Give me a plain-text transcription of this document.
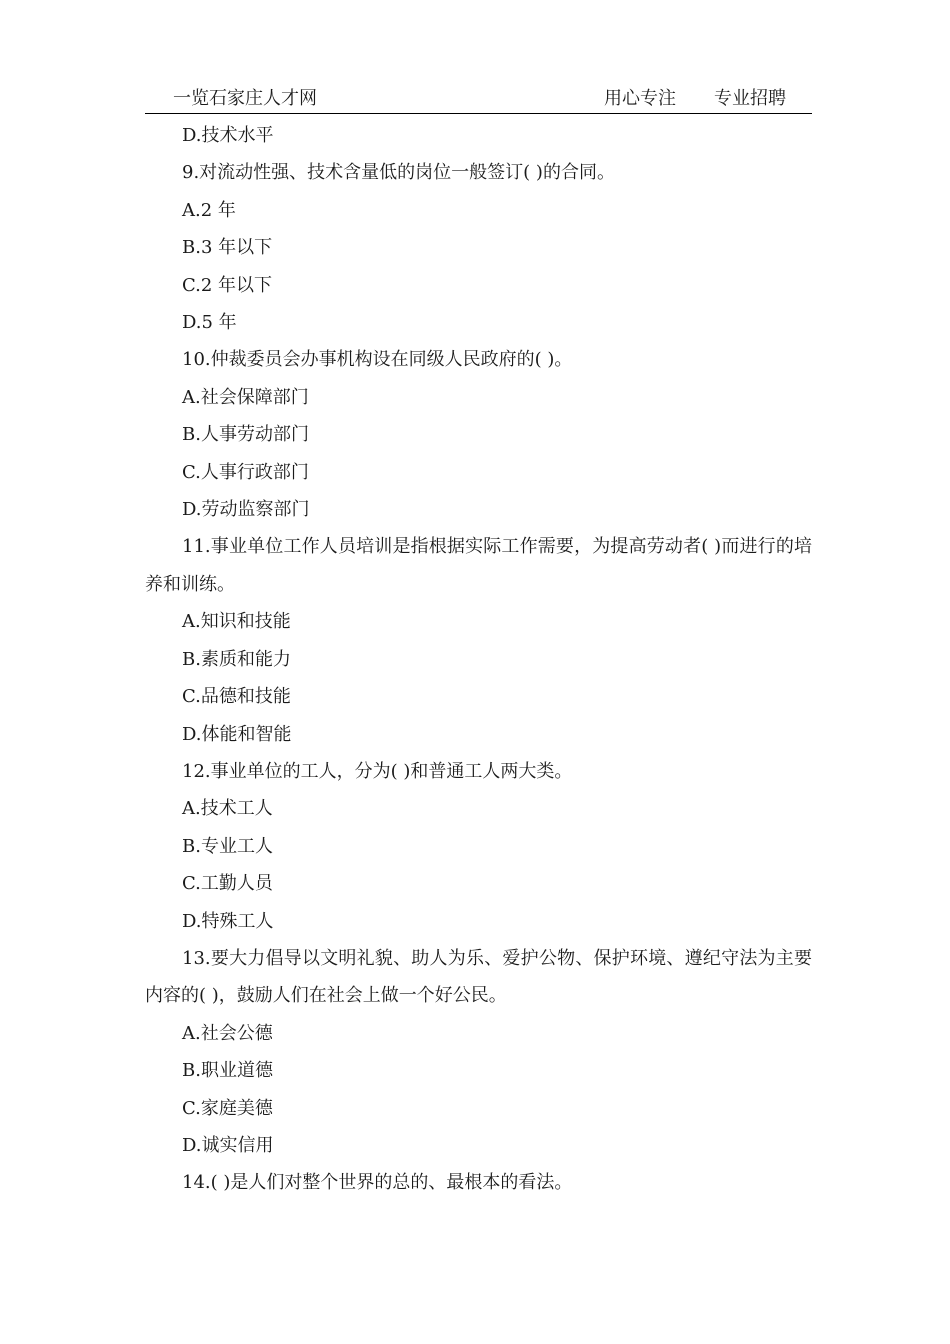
一览石家庄人才网	用心专注 专业招聘
D.技术水平
9.对流动性强、技术含量低的岗位一般签订( )的合同。
A.2 年
B.3 年以下
C.2 年以下
D.5 年
10.仲裁委员会办事机构设在同级人民政府的( )。
A.社会保障部门
B.人事劳动部门
C.人事行政部门
D.劳动监察部门
11.事业单位工作人员培训是指根据实际工作需要，为提高劳动者( )而进行的培养和训练。
A.知识和技能
B.素质和能力
C.品德和技能
D.体能和智能
12.事业单位的工人，分为( )和普通工人两大类。
A.技术工人
B.专业工人
C.工勤人员
D.特殊工人
13.要大力倡导以文明礼貌、助人为乐、爱护公物、保护环境、遵纪守法为主要内容的( )，鼓励人们在社会上做一个好公民。
A.社会公德
B.职业道德
C.家庭美德
D.诚实信用
14.( )是人们对整个世界的总的、最根本的看法。
